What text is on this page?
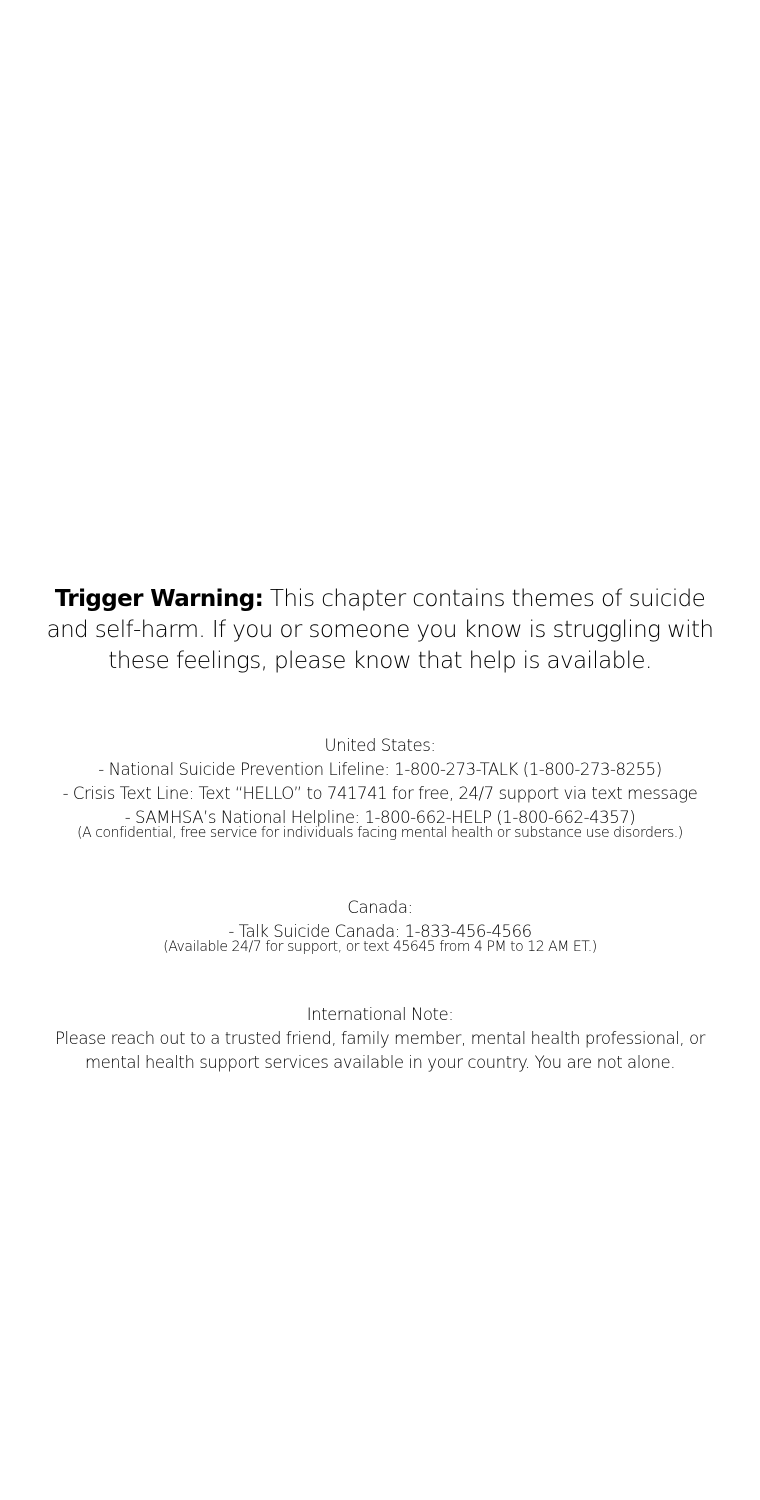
Trigger Warning: This chapter contains themes of suicide and self-harm. If you or someone you know is struggling with these feelings, please know that help is available.

United States:
- National Suicide Prevention Lifeline: 1-800-273-TALK (1-800-273-8255)
- Crisis Text Line: Text “HELLO” to 741741 for free, 24/7 support via text message
- SAMHSA’s National Helpline: 1-800-662-HELP (1-800-662-4357)
(A confidential, free service for individuals facing mental health or substance use disorders.)
Canada:
- Talk Suicide Canada: 1-833-456-4566
(Available 24/7 for support, or text 45645 from 4 PM to 12 AM ET.)
International Note:
Please reach out to a trusted friend, family member, mental health professional, or
mental health support services available in your country. You are not alone.
